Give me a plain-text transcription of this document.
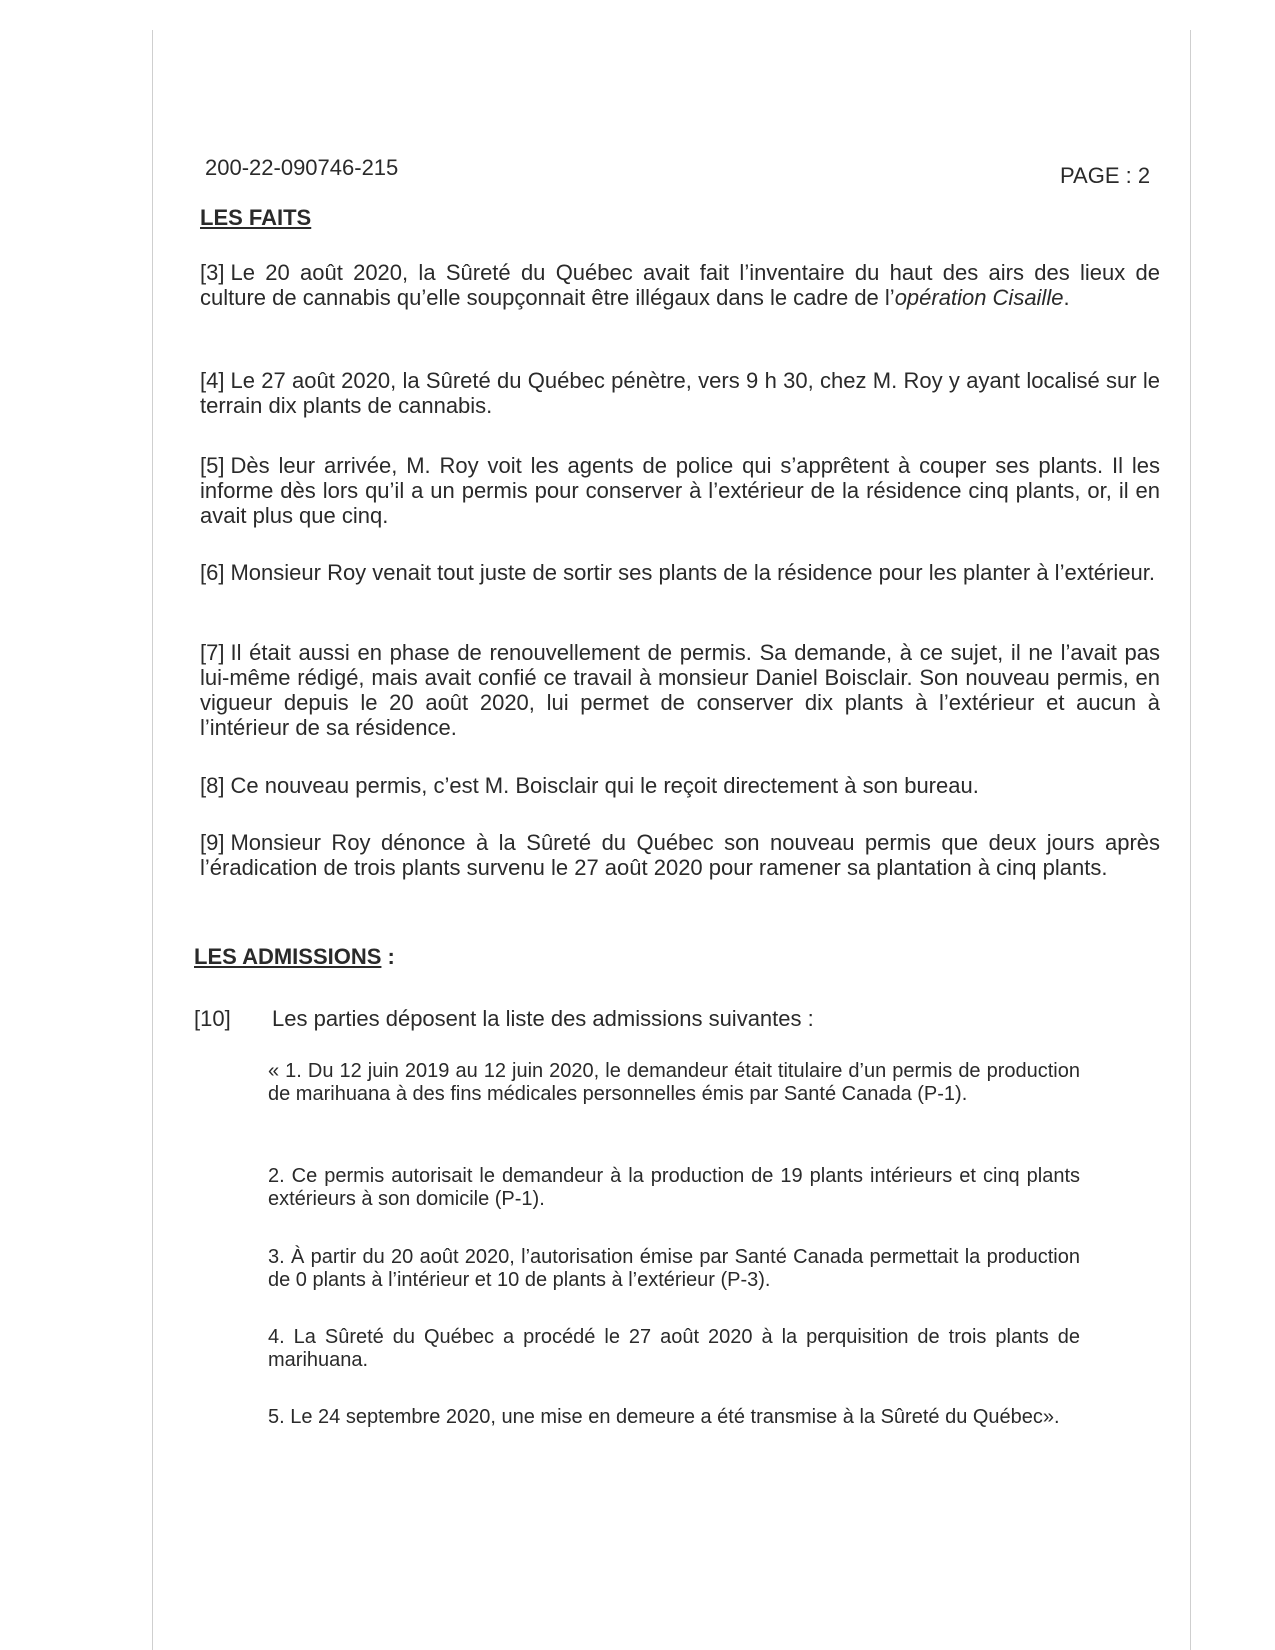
200-22-090746-215	PAGE : 2
LES FAITS
[3] Le 20 août 2020, la Sûreté du Québec avait fait l’inventaire du haut des airs des lieux de culture de cannabis qu’elle soupçonnait être illégaux dans le cadre de l’opération Cisaille.
[4] Le 27 août 2020, la Sûreté du Québec pénètre, vers 9 h 30, chez M. Roy y ayant localisé sur le terrain dix plants de cannabis.
[5] Dès leur arrivée, M. Roy voit les agents de police qui s’apprêtent à couper ses plants. Il les informe dès lors qu’il a un permis pour conserver à l’extérieur de la résidence cinq plants, or, il en avait plus que cinq.
[6] Monsieur Roy venait tout juste de sortir ses plants de la résidence pour les planter à l’extérieur.
[7] Il était aussi en phase de renouvellement de permis. Sa demande, à ce sujet, il ne l’avait pas lui-même rédigé, mais avait confié ce travail à monsieur Daniel Boisclair. Son nouveau permis, en vigueur depuis le 20 août 2020, lui permet de conserver dix plants à l’extérieur et aucun à l’intérieur de sa résidence.
[8] Ce nouveau permis, c’est M. Boisclair qui le reçoit directement à son bureau.
[9] Monsieur Roy dénonce à la Sûreté du Québec son nouveau permis que deux jours après l’éradication de trois plants survenu le 27 août 2020 pour ramener sa plantation à cinq plants.
LES ADMISSIONS :
[10] Les parties déposent la liste des admissions suivantes :
« 1. Du 12 juin 2019 au 12 juin 2020, le demandeur était titulaire d’un permis de production de marihuana à des fins médicales personnelles émis par Santé Canada (P-1).
2. Ce permis autorisait le demandeur à la production de 19 plants intérieurs et cinq plants extérieurs à son domicile (P-1).
3. À partir du 20 août 2020, l’autorisation émise par Santé Canada permettait la production de 0 plants à l’intérieur et 10 de plants à l’extérieur (P-3).
4. La Sûreté du Québec a procédé le 27 août 2020 à la perquisition de trois plants de marihuana.
5. Le 24 septembre 2020, une mise en demeure a été transmise à la Sûreté du Québec».
